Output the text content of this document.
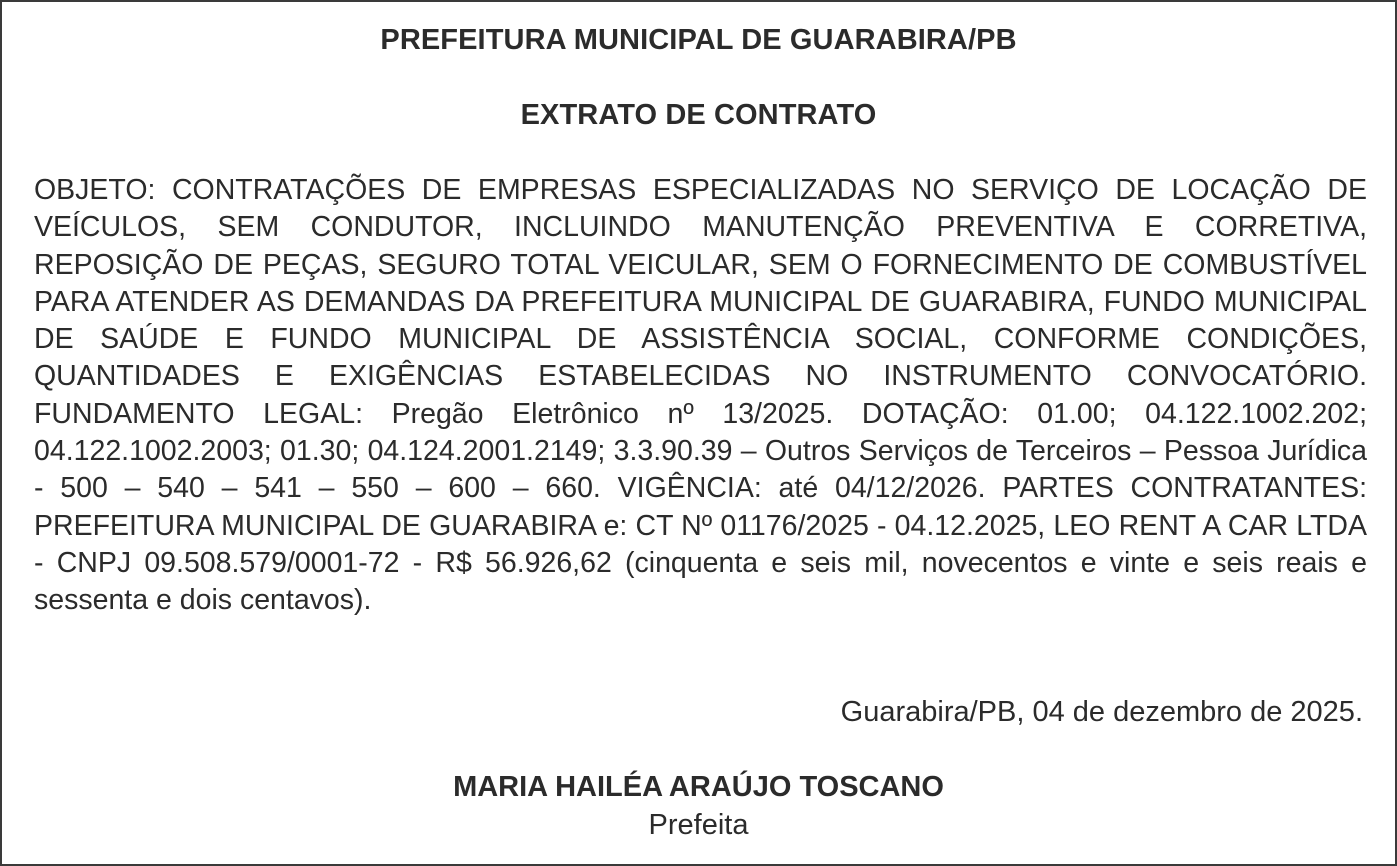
PREFEITURA MUNICIPAL DE GUARABIRA/PB
EXTRATO DE CONTRATO

OBJETO: CONTRATAÇÕES DE EMPRESAS ESPECIALIZADAS NO SERVIÇO DE LOCAÇÃO DE VEÍCULOS, SEM CONDUTOR, INCLUINDO MANUTENÇÃO PREVENTIVA E CORRETIVA, REPOSIÇÃO DE PEÇAS, SEGURO TOTAL VEICULAR, SEM O FORNECIMENTO DE COMBUSTÍVEL PARA ATENDER AS DEMANDAS DA PREFEITURA MUNICIPAL DE GUARABIRA, FUNDO MUNICIPAL DE SAÚDE E FUNDO MUNICIPAL DE ASSISTÊNCIA SOCIAL, CONFORME CONDIÇÕES, QUANTIDADES E EXIGÊNCIAS ESTABELECIDAS NO INSTRUMENTO CONVOCATÓRIO. FUNDAMENTO LEGAL: Pregão Eletrônico nº 13/2025. DOTAÇÃO: 01.00; 04.122.1002.202; 04.122.1002.2003; 01.30; 04.124.2001.2149; 3.3.90.39 – Outros Serviços de Terceiros – Pessoa Jurídica - 500 – 540 – 541 – 550 – 600 – 660. VIGÊNCIA: até 04/12/2026. PARTES CONTRATANTES: PREFEITURA MUNICIPAL DE GUARABIRA e: CT Nº 01176/2025 - 04.12.2025, LEO RENT A CAR LTDA - CNPJ 09.508.579/0001-72 - R$ 56.926,62 (cinquenta e seis mil, novecentos e vinte e seis reais e sessenta e dois centavos).

Guarabira/PB, 04 de dezembro de 2025.
MARIA HAILÉA ARAÚJO TOSCANO
Prefeita
